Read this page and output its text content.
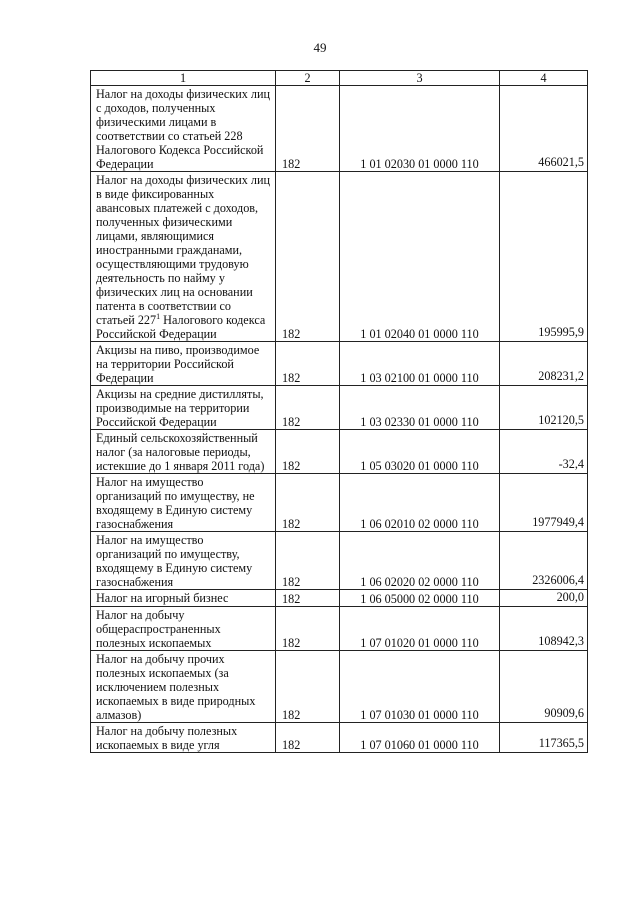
49
1	2	3	4
Налог на доходы физических лиц с доходов, полученных физическими лицами в соответствии со статьей 228 Налогового Кодекса Российской Федерации	182	1 01 02030 01 0000 110	466021,5
Налог на доходы физических лиц в виде фиксированных авансовых платежей с доходов, полученных физическими лицами, являющимися иностранными гражданами, осуществляющими трудовую деятельность по найму у физических лиц на основании патента в соответствии со статьей $227^1$ Налогового кодекса Российской Федерации	182	1 01 02040 01 0000 110	195995,9
Акцизы на пиво, производимое на территории Российской Федерации	182	1 03 02100 01 0000 110	208231,2
Акцизы на средние дистилляты, производимые на территории Российской Федерации	182	1 03 02330 01 0000 110	102120,5
Единый сельскохозяйственный налог (за налоговые периоды, истекшие до 1 января 2011 года)	182	1 05 03020 01 0000 110	-32,4
Налог на имущество организаций по имуществу, не входящему в Единую систему газоснабжения	182	1 06 02010 02 0000 110	1977949,4
Налог на имущество организаций по имуществу, входящему в Единую систему газоснабжения	182	1 06 02020 02 0000 110	2326006,4
Налог на игорный бизнес	182	1 06 05000 02 0000 110	200,0
Налог на добычу общераспространенных полезных ископаемых	182	1 07 01020 01 0000 110	108942,3
Налог на добычу прочих полезных ископаемых (за исключением полезных ископаемых в виде природных алмазов)	182	1 07 01030 01 0000 110	90909,6
Налог на добычу полезных ископаемых в виде угля	182	1 07 01060 01 0000 110	117365,5
